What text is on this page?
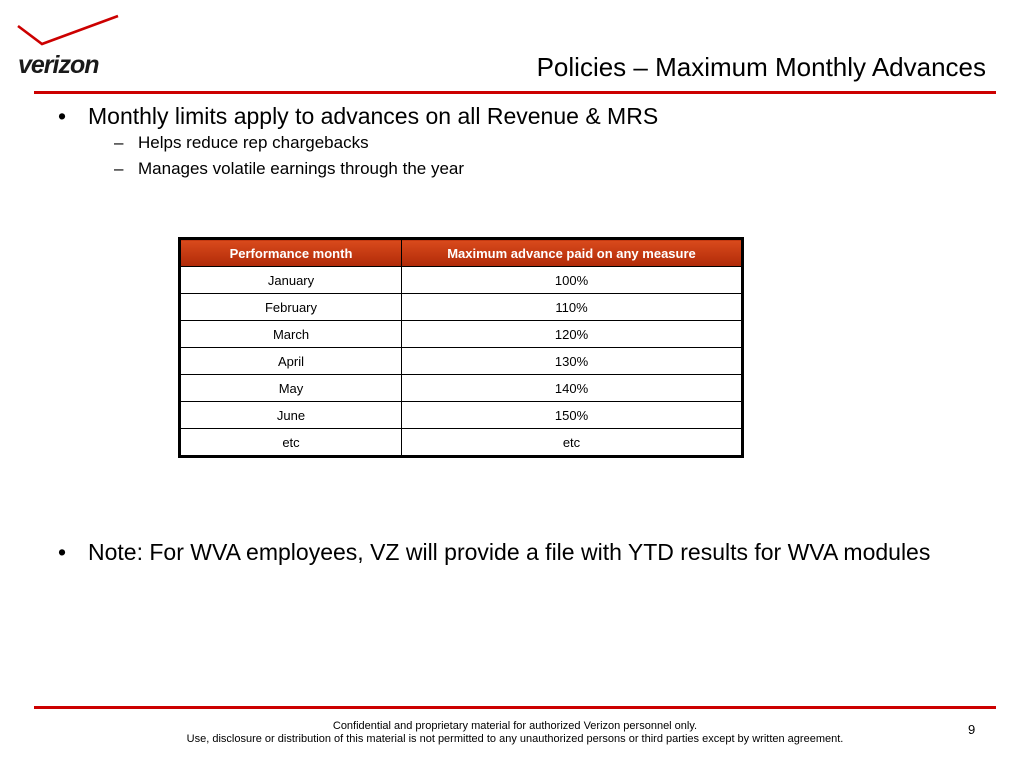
verizon	Policies – Maximum Monthly Advances
• Monthly limits apply to advances on all Revenue & MRS
– Helps reduce rep chargebacks
– Manages volatile earnings through the year
Performance month	Maximum advance paid on any measure
January	100%
February	110%
March	120%
April	130%
May	140%
June	150%
etc	etc
• Note: For WVA employees, VZ will provide a file with YTD results for WVA modules
Confidential and proprietary material for authorized Verizon personnel only.
Use, disclosure or distribution of this material is not permitted to any unauthorized persons or third parties except by written agreement.
9
